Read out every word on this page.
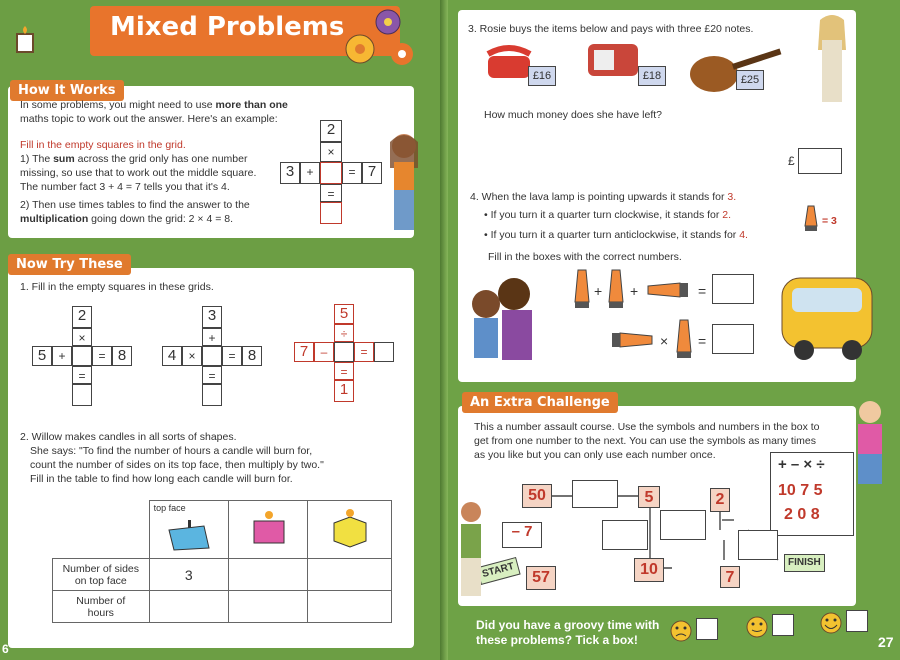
Mixed Problems
How It Works
In some problems, you might need to use more than one
maths topic to work out the answer. Here's an example:
Fill in the empty squares in the grid.
1) The sum across the grid only has one number
missing, so use that to work out the middle square.
The number fact 3 + 4 = 7 tells you that it's 4.
2) Then use times tables to find the answer to the
multiplication going down the grid: 2 × 4 = 8.
2
×
3	+	= 7
=
Now Try These
1. Fill in the empty squares in these grids.
2
×
5	+	= 8
=
3
+
4	×	= 8
=
5
÷
7	–	=
=
1
2. Willow makes candles in all sorts of shapes.
She says: "To find the number of hours a candle will burn for,
count the number of sides on its top face, then multiply by two."
Fill in the table to find how long each candle will burn for.

	top face

Number of sides
on top face	3		
Number of
hours			
6
3. Rosie buys the items below and pays with three £20 notes.
£16	£18	£25
How much money does she have left?
£
4. When the lava lamp is pointing upwards it stands for 3.
• If you turn it a quarter turn clockwise, it stands for 2.
• If you turn it a quarter turn anticlockwise, it stands for 4.
= 3
Fill in the boxes with the correct numbers.
+ +	=
× =
An Extra Challenge
This a number assault course. Use the symbols and numbers in the box to
get from one number to the next. You can use the symbols as many times
as you like but you can only use each number once.
+ – × ÷
10 7 5
2 0 8
50	5	2
– 7
57	10	7
START	FINISH
Did you have a groovy time with
these problems? Tick a box!	27
